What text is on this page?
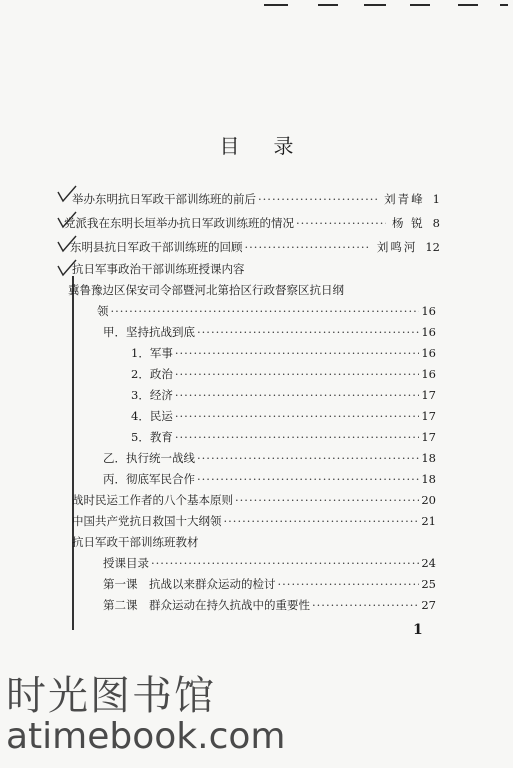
目录
举办东明抗日军政干部训练班的前后 ·····	刘青峰 1
党派我在东明长垣举办抗日军政训练班的情况 ·····	杨 锐 8
东明县抗日军政干部训练班的回顾 ·····	刘鸣河 12
抗日军事政治干部训练班授课内容
冀鲁豫边区保安司令部暨河北第拾区行政督察区抗日纲
领 ·····	16
甲．坚持抗战到底 ·····	16
1．军事 ·····	16
2．政治 ·····	16
3．经济 ·····	17
4．民运 ·····	17
5．教育 ·····	17
乙．执行统一战线 ·····	18
丙．彻底军民合作 ·····	18
战时民运工作者的八个基本原则 ·····	20
中国共产党抗日救国十大纲领 ·····	21
抗日军政干部训练班教材
授课目录 ·····	24
第一课　抗战以来群众运动的检讨 ·····	25
第二课　群众运动在持久抗战中的重要性 ·····	27
1
时光图书馆
atimebook.com
